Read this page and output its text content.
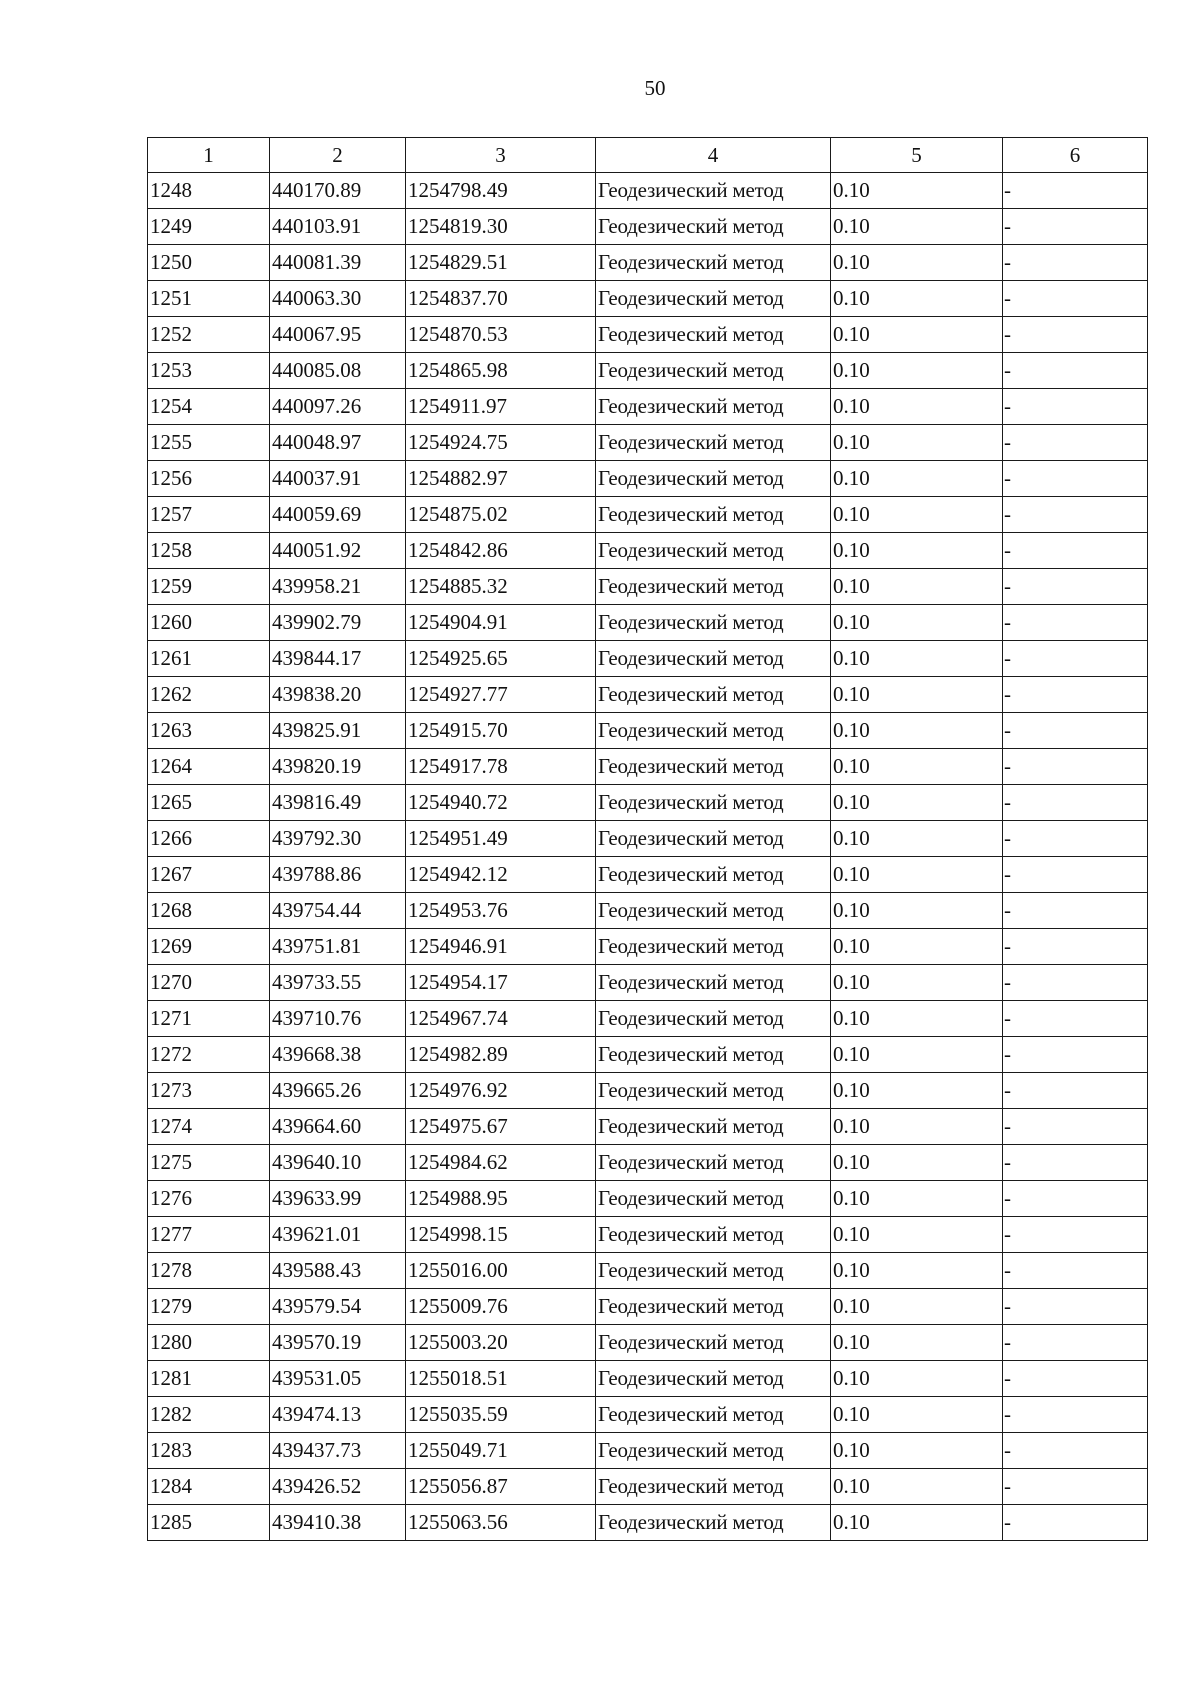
50
1	2	3	4	5	6
1248	440170.89	1254798.49	Геодезический метод	0.10	-
1249	440103.91	1254819.30	Геодезический метод	0.10	-
1250	440081.39	1254829.51	Геодезический метод	0.10	-
1251	440063.30	1254837.70	Геодезический метод	0.10	-
1252	440067.95	1254870.53	Геодезический метод	0.10	-
1253	440085.08	1254865.98	Геодезический метод	0.10	-
1254	440097.26	1254911.97	Геодезический метод	0.10	-
1255	440048.97	1254924.75	Геодезический метод	0.10	-
1256	440037.91	1254882.97	Геодезический метод	0.10	-
1257	440059.69	1254875.02	Геодезический метод	0.10	-
1258	440051.92	1254842.86	Геодезический метод	0.10	-
1259	439958.21	1254885.32	Геодезический метод	0.10	-
1260	439902.79	1254904.91	Геодезический метод	0.10	-
1261	439844.17	1254925.65	Геодезический метод	0.10	-
1262	439838.20	1254927.77	Геодезический метод	0.10	-
1263	439825.91	1254915.70	Геодезический метод	0.10	-
1264	439820.19	1254917.78	Геодезический метод	0.10	-
1265	439816.49	1254940.72	Геодезический метод	0.10	-
1266	439792.30	1254951.49	Геодезический метод	0.10	-
1267	439788.86	1254942.12	Геодезический метод	0.10	-
1268	439754.44	1254953.76	Геодезический метод	0.10	-
1269	439751.81	1254946.91	Геодезический метод	0.10	-
1270	439733.55	1254954.17	Геодезический метод	0.10	-
1271	439710.76	1254967.74	Геодезический метод	0.10	-
1272	439668.38	1254982.89	Геодезический метод	0.10	-
1273	439665.26	1254976.92	Геодезический метод	0.10	-
1274	439664.60	1254975.67	Геодезический метод	0.10	-
1275	439640.10	1254984.62	Геодезический метод	0.10	-
1276	439633.99	1254988.95	Геодезический метод	0.10	-
1277	439621.01	1254998.15	Геодезический метод	0.10	-
1278	439588.43	1255016.00	Геодезический метод	0.10	-
1279	439579.54	1255009.76	Геодезический метод	0.10	-
1280	439570.19	1255003.20	Геодезический метод	0.10	-
1281	439531.05	1255018.51	Геодезический метод	0.10	-
1282	439474.13	1255035.59	Геодезический метод	0.10	-
1283	439437.73	1255049.71	Геодезический метод	0.10	-
1284	439426.52	1255056.87	Геодезический метод	0.10	-
1285	439410.38	1255063.56	Геодезический метод	0.10	-
